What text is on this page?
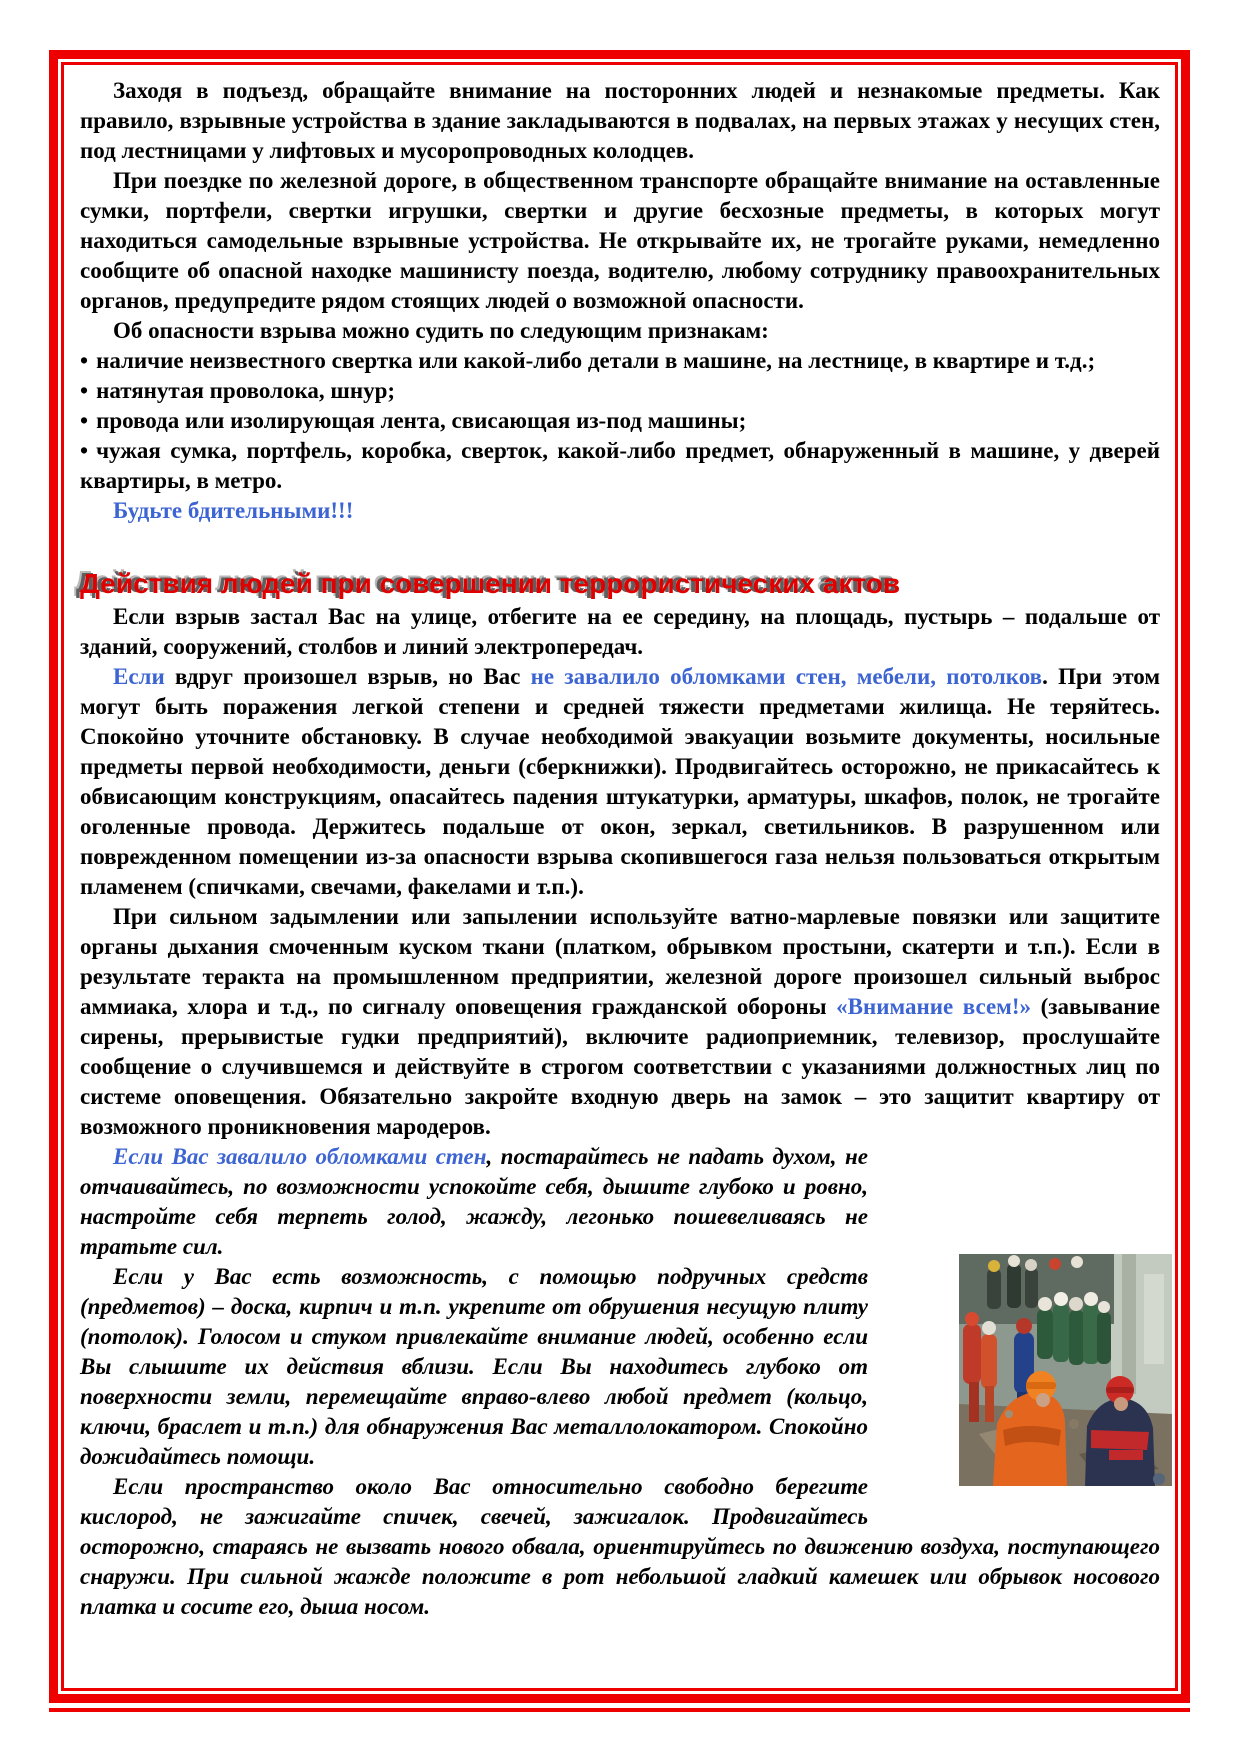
Заходя в подъезд, обращайте внимание на посторонних людей и незнакомые предметы. Как правило, взрывные устройства в здание закладываются в подвалах, на первых этажах у несущих стен, под лестницами у лифтовых и мусоропроводных колодцев.

При поездке по железной дороге, в общественном транспорте обращайте внимание на оставленные сумки, портфели, свертки игрушки, свертки и другие бесхозные предметы, в которых могут находиться самодельные взрывные устройства. Не открывайте их, не трогайте руками, немедленно сообщите об опасной находке машинисту поезда, водителю, любому сотруднику правоохранительных органов, предупредите рядом стоящих людей о возможной опасности.

Об опасности взрыва можно судить по следующим признакам:

• наличие неизвестного свертка или какой-либо детали в машине, на лестнице, в квартире и т.д.;

• натянутая проволока, шнур;

• провода или изолирующая лента, свисающая из-под машины;

• чужая сумка, портфель, коробка, сверток, какой-либо предмет, обнаруженный в машине, у дверей квартиры, в метро.

Будьте бдительными!!!

Действия людей при совершении террористических актов

Если взрыв застал Вас на улице, отбегите на ее середину, на площадь, пустырь – подальше от зданий, сооружений, столбов и линий электропередач.

Если вдруг произошел взрыв, но Вас не завалило обломками стен, мебели, потолков. При этом могут быть поражения легкой степени и средней тяжести предметами жилища. Не теряйтесь. Спокойно уточните обстановку. В случае необходимой эвакуации возьмите документы, носильные предметы первой необходимости, деньги (сберкнижки). Продвигайтесь осторожно, не прикасайтесь к обвисающим конструкциям, опасайтесь падения штукатурки, арматуры, шкафов, полок, не трогайте оголенные провода. Держитесь подальше от окон, зеркал, светильников. В разрушенном или поврежденном помещении из-за опасности взрыва скопившегося газа нельзя пользоваться открытым пламенем (спичками, свечами, факелами и т.п.).

При сильном задымлении или запылении используйте ватно-марлевые повязки или защитите органы дыхания смоченным куском ткани (платком, обрывком простыни, скатерти и т.п.). Если в результате теракта на промышленном предприятии, железной дороге произошел сильный выброс аммиака, хлора и т.д., по сигналу оповещения гражданской обороны «Внимание всем!» (завывание сирены, прерывистые гудки предприятий), включите радиоприемник, телевизор, прослушайте сообщение о случившемся и действуйте в строгом соответствии с указаниями должностных лиц по системе оповещения. Обязательно закройте входную дверь на замок – это защитит квартиру от возможного проникновения мародеров.

Если Вас завалило обломками стен, постарайтесь не падать духом, не отчаивайтесь, по возможности успокойте себя, дышите глубоко и ровно, настройте себя терпеть голод, жажду, легонько пошевеливаясь не тратьте сил.

Если у Вас есть возможность, с помощью подручных средств (предметов) – доска, кирпич и т.п. укрепите от обрушения несущую плиту (потолок). Голосом и стуком привлекайте внимание людей, особенно если Вы слышите их действия вблизи. Если Вы находитесь глубоко от поверхности земли, перемещайте вправо-влево любой предмет (кольцо, ключи, браслет и т.п.) для обнаружения Вас металлолокатором. Спокойно дожидайтесь помощи.

Если пространство около Вас относительно свободно берегите кислород, не зажигайте спичек, свечей, зажигалок. Продвигайтесь осторожно, стараясь не вызвать нового обвала, ориентируйтесь по движению воздуха, поступающего снаружи. При сильной жажде положите в рот небольшой гладкий камешек или обрывок носового платка и сосите его, дыша носом.
